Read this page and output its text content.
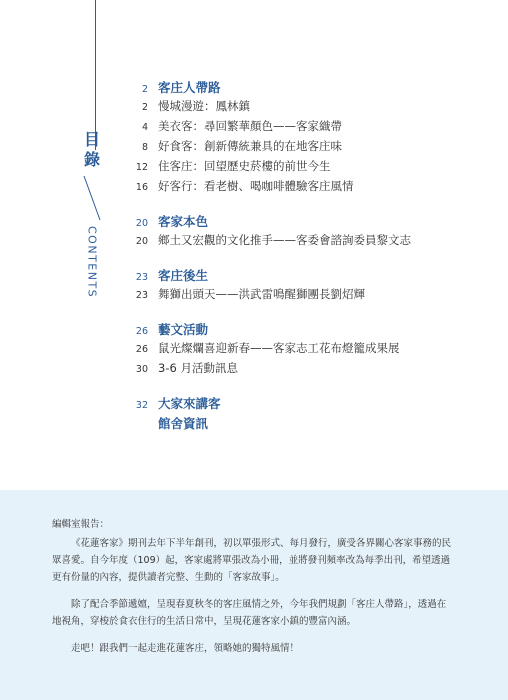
目
錄
CONTENTS
2 客庄人帶路
2 慢城漫遊：鳳林鎮
4 美衣客：尋回繁華顏色——客家織帶
8 好食客：創新傳統兼具的在地客庄味
12 住客庄：回望歷史菸樓的前世今生
16 好客行：看老樹、喝咖啡體驗客庄風情
20 客家本色
20 鄉土又宏觀的文化推手——客委會諮詢委員黎文志
23 客庄後生
23 舞獅出頭天——洪武雷鳴醒獅團長劉炤輝
26 藝文活動
26 鼠光燦爛喜迎新春——客家志工花布燈籠成果展
30 3-6 月活動訊息
32 大家來講客
館舍資訊

編輯室報告：

《花蓮客家》期刊去年下半年創刊，初以單張形式、每月發行，廣受各界關心客家事務的民眾喜愛。自今年度（109）起，客家處將單張改為小冊，並將發刊頻率改為每季出刊，希望透過更有份量的內容，提供讀者完整、生動的「客家故事」。

除了配合季節遞嬗，呈現春夏秋冬的客庄風情之外，今年我們規劃「客庄人帶路」，透過在地視角，穿梭於食衣住行的生活日常中，呈現花蓮客家小鎮的豐富內涵。

走吧！跟我們一起走進花蓮客庄，領略她的獨特風情！
